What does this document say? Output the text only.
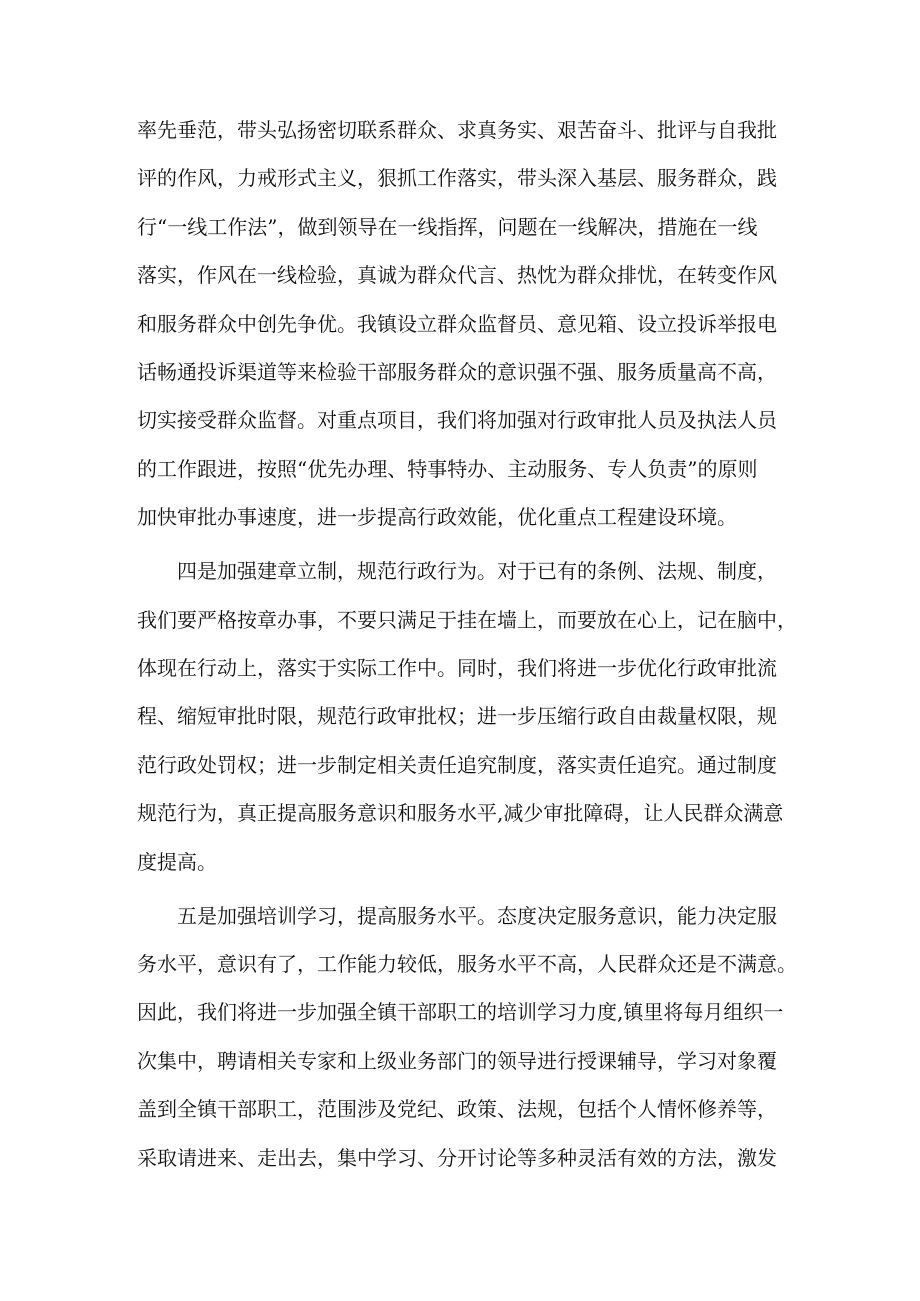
率先垂范，带头弘扬密切联系群众、求真务实、艰苦奋斗、批评与自我批
评的作风，力戒形式主义，狠抓工作落实，带头深入基层、服务群众，践
行“一线工作法”，做到领导在一线指挥，问题在一线解决，措施在一线
落实，作风在一线检验，真诚为群众代言、热忱为群众排忧，在转变作风
和服务群众中创先争优。我镇设立群众监督员、意见箱、设立投诉举报电
话畅通投诉渠道等来检验干部服务群众的意识强不强、服务质量高不高，
切实接受群众监督。对重点项目，我们将加强对行政审批人员及执法人员
的工作跟进，按照“优先办理、特事特办、主动服务、专人负责”的原则
加快审批办事速度，进一步提高行政效能，优化重点工程建设环境。
四是加强建章立制，规范行政行为。对于已有的条例、法规、制度，
我们要严格按章办事，不要只满足于挂在墙上，而要放在心上，记在脑中，
体现在行动上，落实于实际工作中。同时，我们将进一步优化行政审批流
程、缩短审批时限，规范行政审批权；进一步压缩行政自由裁量权限，规
范行政处罚权；进一步制定相关责任追究制度，落实责任追究。通过制度
规范行为，真正提高服务意识和服务水平,减少审批障碍，让人民群众满意
度提高。
五是加强培训学习，提高服务水平。态度决定服务意识，能力决定服
务水平，意识有了，工作能力较低，服务水平不高，人民群众还是不满意。
因此，我们将进一步加强全镇干部职工的培训学习力度,镇里将每月组织一
次集中，聘请相关专家和上级业务部门的领导进行授课辅导，学习对象覆
盖到全镇干部职工，范围涉及党纪、政策、法规，包括个人情怀修养等，
采取请进来、走出去，集中学习、分开讨论等多种灵活有效的方法，激发
